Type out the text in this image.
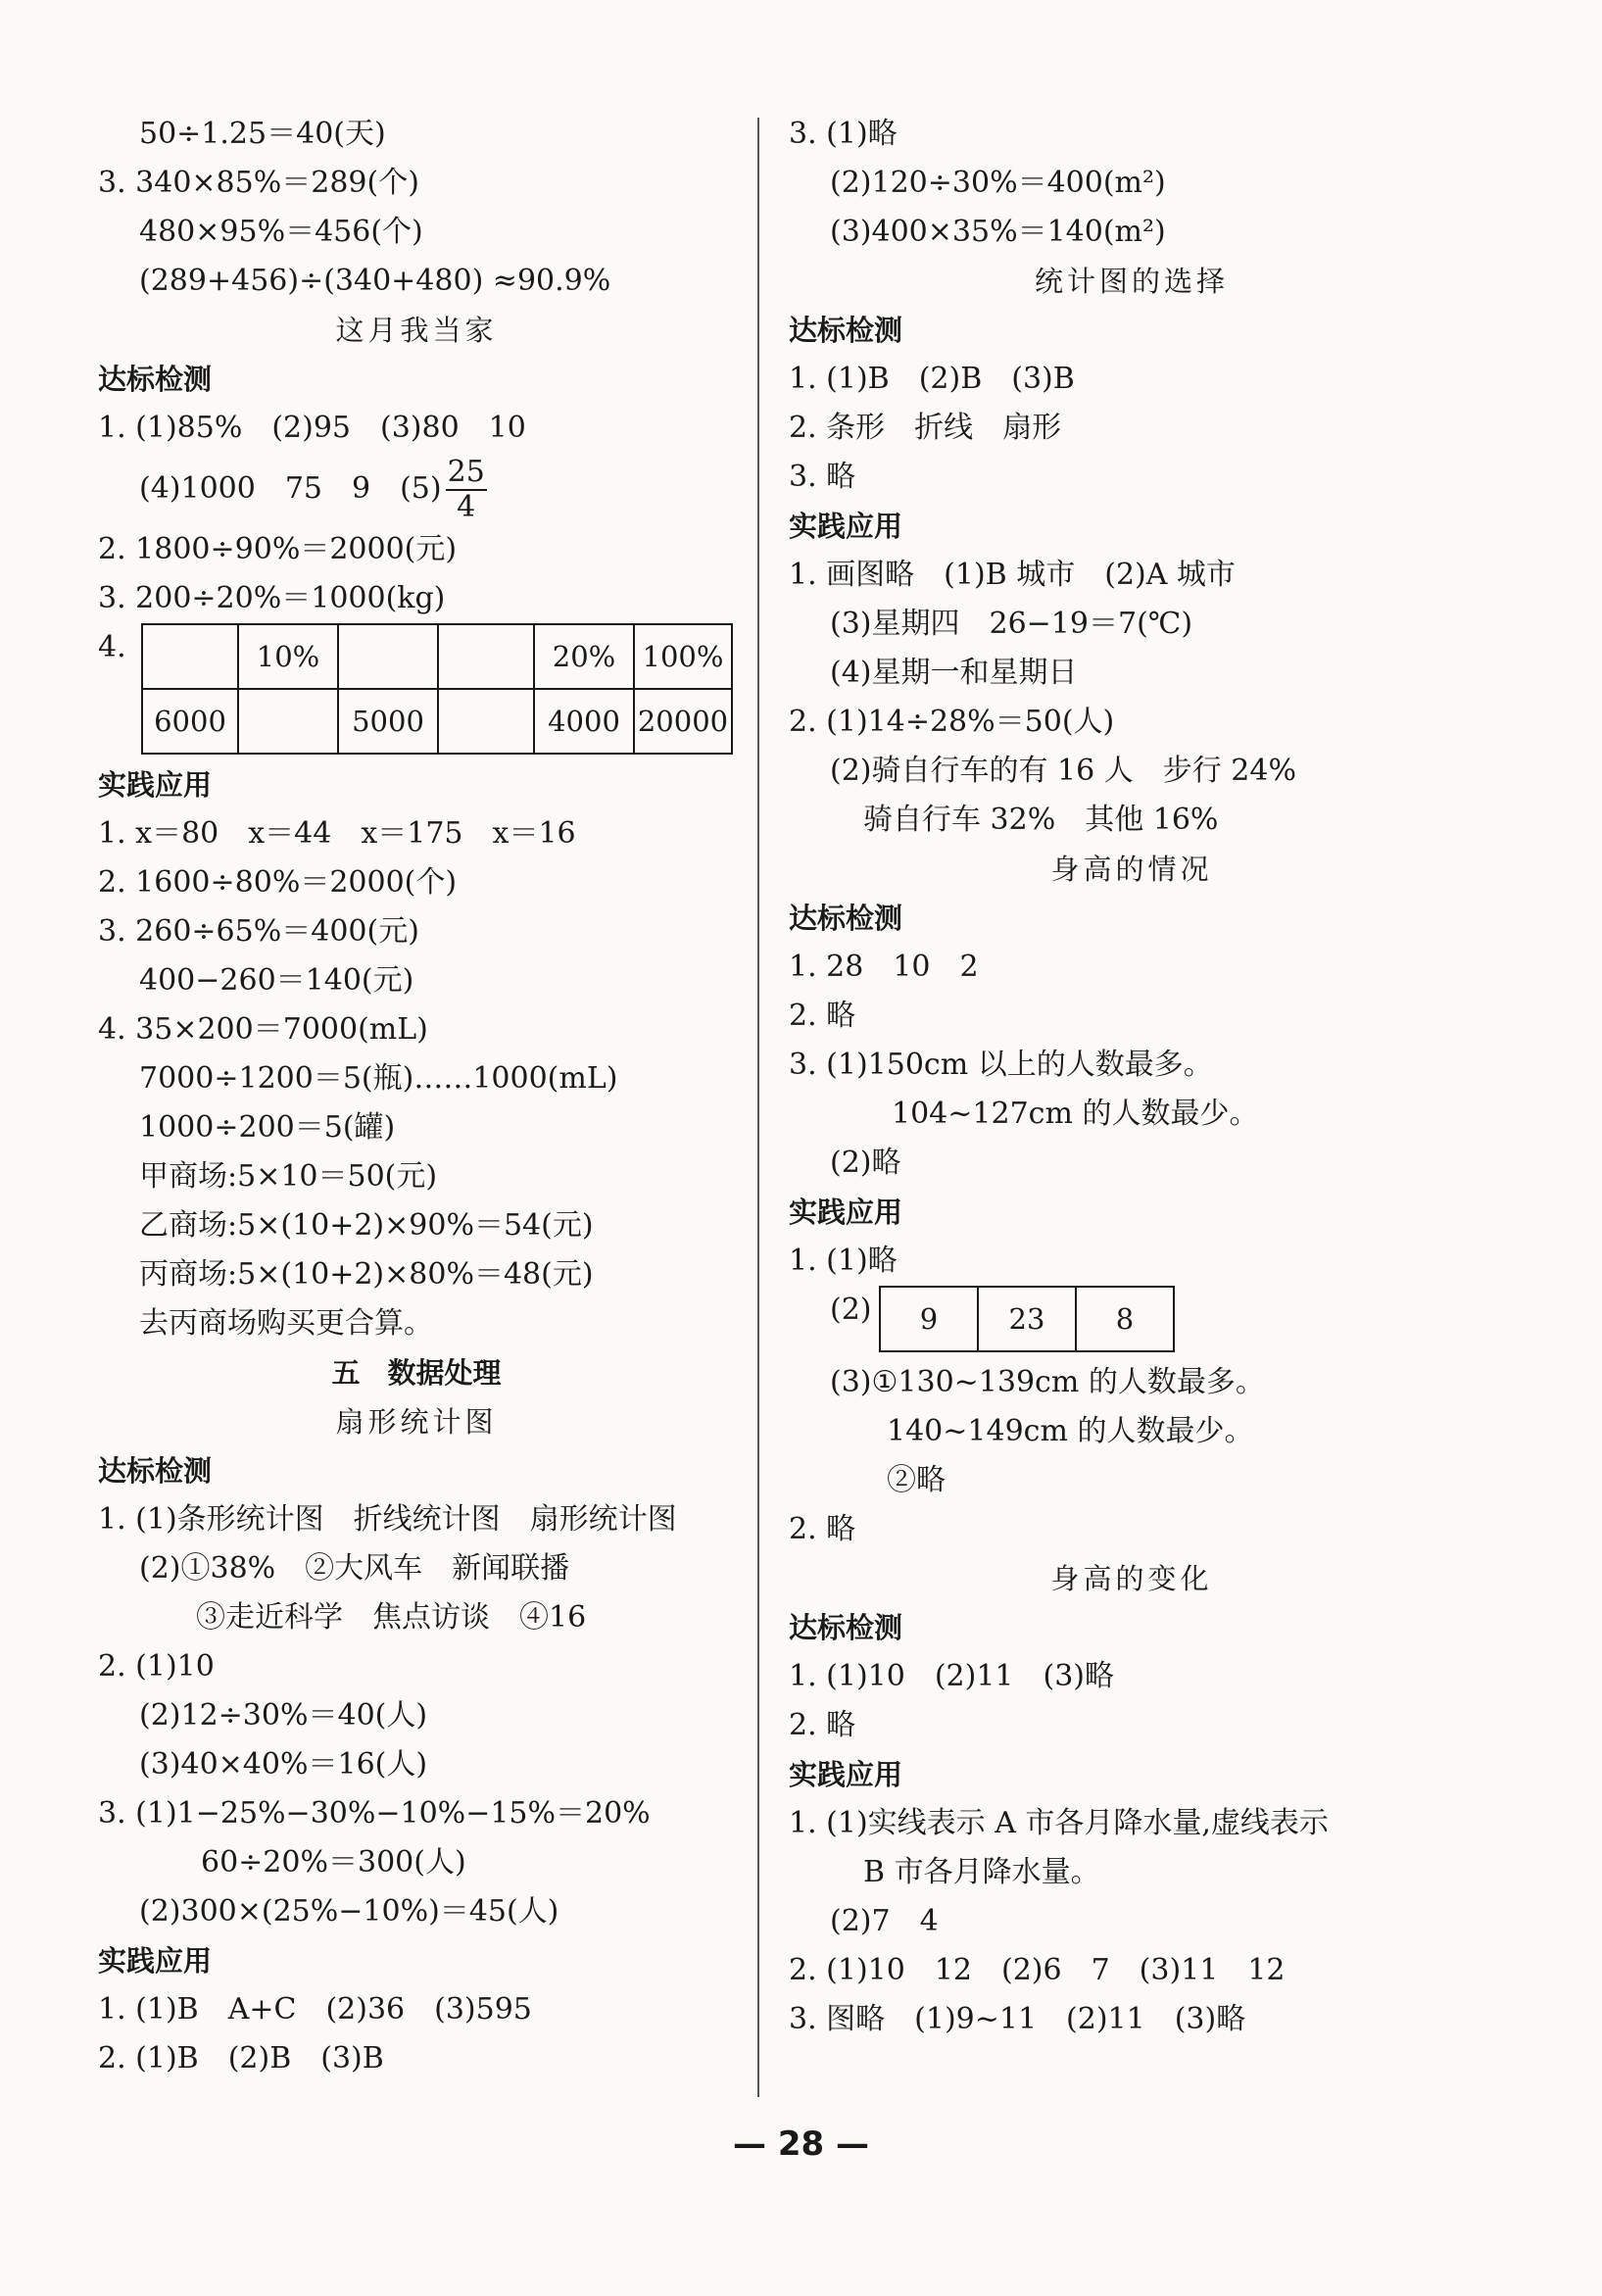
50÷1.25＝40(天)
3. 340×85%＝289(个)
480×95%＝456(个)
(289+456)÷(340+480) ≈90.9%
这月我当家
达标检测
1. (1)85%　(2)95　(3)80　10
(4)1000　75　9　$(5) \frac{25}{4}$
2. 1800÷90%＝2000(元)
3. 200÷20%＝1000(kg)
4.
		10%			20%	100%
6000		5000		4000	20000
实践应用
1. x＝80　x＝44　x＝175　x＝16
2. 1600÷80%＝2000(个)
3. 260÷65%＝400(元)
400−260＝140(元)
4. 35×200＝7000(mL)
7000÷1200＝5(瓶)……1000(mL)
1000÷200＝5(罐)
甲商场:5×10＝50(元)
乙商场:5×(10+2)×90%＝54(元)
丙商场:5×(10+2)×80%＝48(元)
去丙商场购买更合算。
五 数据处理
扇形统计图
达标检测
1. (1)条形统计图　折线统计图　扇形统计图
(2)①38%　②大风车　新闻联播
③走近科学　焦点访谈　④16
2. (1)10
(2)12÷30%＝40(人)
(3)40×40%＝16(人)
3. (1)1−25%−30%−10%−15%＝20%
60÷20%＝300(人)
(2)300×(25%−10%)＝45(人)
实践应用
1. (1)B　A+C　(2)36　(3)595
2. (1)B　(2)B　(3)B
3. (1)略
(2)120÷30%＝400(m²)
(3)400×35%＝140(m²)
统计图的选择
达标检测
1. (1)B　(2)B　(3)B
2. 条形　折线　扇形
3. 略
实践应用
1. 画图略　(1)B 城市　(2)A 城市
(3)星期四　26−19＝7(℃)
(4)星期一和星期日
2. (1)14÷28%＝50(人)
(2)骑自行车的有 16 人　步行 24%
骑自行车 32%　其他 16%
身高的情况
达标检测
1. 28　10　2
2. 略
3. (1)150cm 以上的人数最多。
104~127cm 的人数最少。
(2)略
实践应用
1. (1)略
(2) 9	23	8
(3)①130~139cm 的人数最多。
140~149cm 的人数最少。
②略
2. 略
身高的变化
达标检测
1. (1)10　(2)11　(3)略
2. 略
实践应用
1. (1)实线表示 A 市各月降水量,虚线表示
B 市各月降水量。
(2)7　4
2. (1)10　12　(2)6　7　(3)11　12
3. 图略　(1)9~11　(2)11　(3)略
— 28 —
